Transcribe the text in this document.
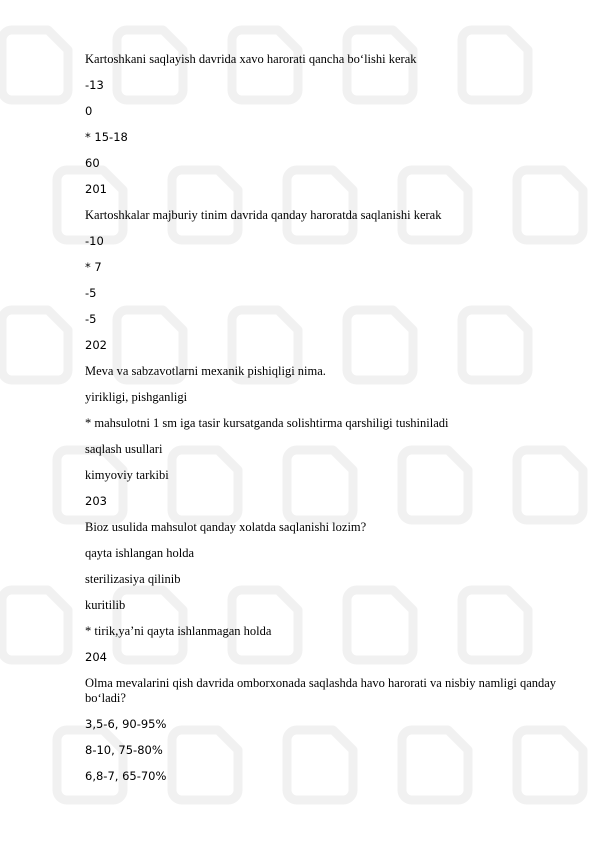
Kartoshkani saqlayish davrida xavo harorati qancha bo‘lishi kerak
-13
0
* 15-18
60
201
Kartoshkalar majburiy tinim davrida qanday haroratda saqlanishi kerak
-10
* 7
-5
-5
202
Meva va sabzavotlarni mexanik pishiqligi nima.
yirikligi, pishganligi
* mahsulotni 1 sm iga tasir kursatganda solishtirma qarshiligi tushiniladi
saqlash usullari
kimyoviy tarkibi
203
Bioz usulida mahsulot qanday xolatda saqlanishi lozim?
qayta ishlangan holda
sterilizasiya qilinib
kuritilib
* tirik,ya’ni qayta ishlanmagan holda
204
Olma mevalarini qish davrida omborxonada saqlashda havo harorati va nisbiy namligi qanday bo‘ladi?
3,5-6, 90-95%
8-10, 75-80%
6,8-7, 65-70%
